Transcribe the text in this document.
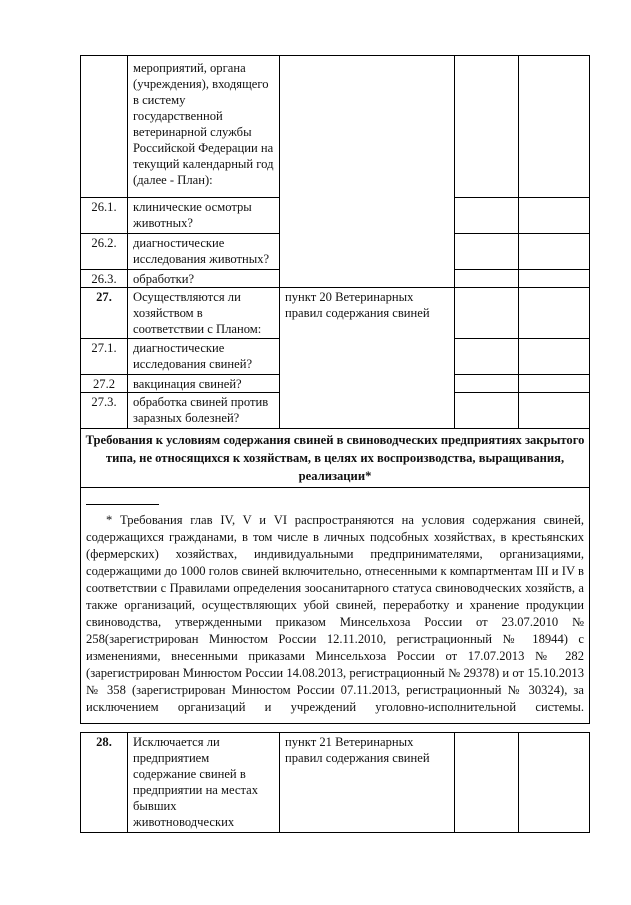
	мероприятий, органа (учреждения), входящего в систему государственной ветеринарной службы Российской Федерации на текущий календарный год (далее - План):			
26.1.	клинические осмотры животных?			
26.2.	диагностические исследования животных?			
26.3.	обработки?			
27.	Осуществляются ли хозяйством в соответствии с Планом:	пункт 20 Ветеринарных правил содержания свиней		
27.1.	диагностические исследования свиней?			
27.2	вакцинация свиней?			
27.3.	обработка свиней против заразных болезней?			
Требования к условиям содержания свиней в свиноводческих предприятиях закрытого типа, не относящихся к хозяйствам, в целях их воспроизводства, выращивания, реализации*				

* Требования глав IV, V и VI распространяются на условия содержания свиней, содержащихся гражданами, в том числе в личных подсобных хозяйствах, в крестьянских (фермерских) хозяйствах, индивидуальными предпринимателями, организациями, содержащими до 1000 голов свиней включительно, отнесенными к компартментам III и IV в соответствии с Правилами определения зоосанитарного статуса свиноводческих хозяйств, а также организаций, осуществляющих убой свиней, переработку и хранение продукции свиноводства, утвержденными приказом Минсельхоза России от 23.07.2010 № 258(зарегистрирован Минюстом России 12.11.2010, регистрационный № 18944) с изменениями, внесенными приказами Минсельхоза России от 17.07.2013 № 282 (зарегистрирован Минюстом России 14.08.2013, регистрационный № 29378) и от 15.10.2013 № 358 (зарегистрирован Минюстом России 07.11.2013, регистрационный № 30324), за исключением организаций и учреждений уголовно-исполнительной системы.				

28.	Исключается ли предприятием содержание свиней в предприятии на местах бывших животноводческих	пункт 21 Ветеринарных правил содержания свиней		
